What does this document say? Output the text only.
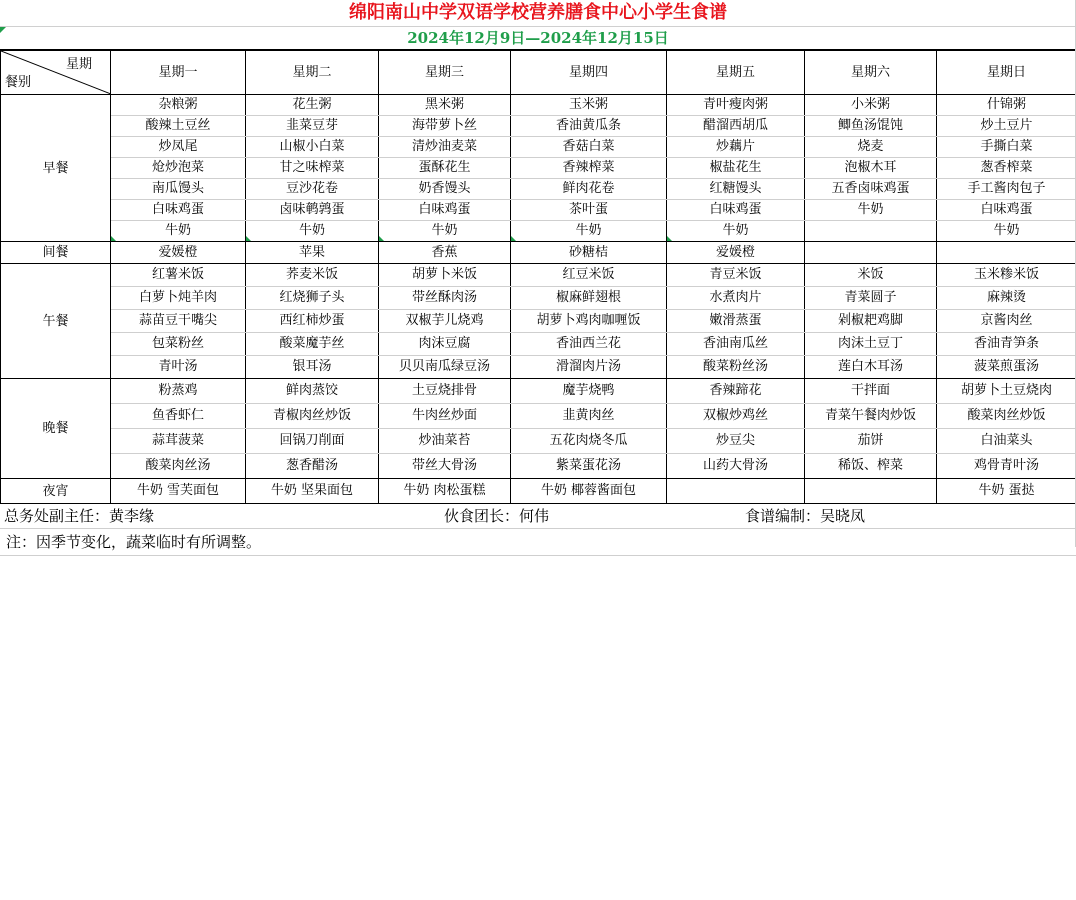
绵阳南山中学双语学校营养膳食中心小学生食谱
2024年12月9日—2024年12月15日
星期
餐别	星期一	星期二	星期三	星期四	星期五	星期六	星期日
早餐	杂粮粥	花生粥	黑米粥	玉米粥	青叶瘦肉粥	小米粥	什锦粥
	酸辣土豆丝	韭菜豆芽	海带萝卜丝	香油黄瓜条	醋溜西胡瓜	鲫鱼汤馄饨	炒土豆片
	炒凤尾	山椒小白菜	清炒油麦菜	香菇白菜	炒藕片	烧麦	手撕白菜
	炝炒泡菜	甘之味榨菜	蛋酥花生	香辣榨菜	椒盐花生	泡椒木耳	葱香榨菜
	南瓜馒头	豆沙花卷	奶香馒头	鲜肉花卷	红糖馒头	五香卤味鸡蛋	手工酱肉包子
	白味鸡蛋	卤味鹌鹑蛋	白味鸡蛋	茶叶蛋	白味鸡蛋	牛奶	白味鸡蛋
	牛奶	牛奶	牛奶	牛奶	牛奶		牛奶
间餐	爱媛橙	苹果	香蕉	砂糖桔	爱媛橙		
午餐	红薯米饭	荞麦米饭	胡萝卜米饭	红豆米饭	青豆米饭	米饭	玉米糁米饭
	白萝卜炖羊肉	红烧狮子头	带丝酥肉汤	椒麻鲜翅根	水煮肉片	青菜圆子	麻辣烫
	蒜苗豆干嘴尖	西红柿炒蛋	双椒芋儿烧鸡	胡萝卜鸡肉咖喱饭	嫩滑蒸蛋	剁椒耙鸡脚	京酱肉丝
	包菜粉丝	酸菜魔芋丝	肉沫豆腐	香油西兰花	香油南瓜丝	肉沫土豆丁	香油青笋条
	青叶汤	银耳汤	贝贝南瓜绿豆汤	滑溜肉片汤	酸菜粉丝汤	莲白木耳汤	菠菜煎蛋汤
晚餐	粉蒸鸡	鲜肉蒸饺	土豆烧排骨	魔芋烧鸭	香辣蹄花	干拌面	胡萝卜土豆烧肉
	鱼香虾仁	青椒肉丝炒饭	牛肉丝炒面	韭黄肉丝	双椒炒鸡丝	青菜午餐肉炒饭	酸菜肉丝炒饭
	蒜茸菠菜	回锅刀削面	炒油菜苔	五花肉烧冬瓜	炒豆尖	茄饼	白油菜头
	酸菜肉丝汤	葱香醋汤	带丝大骨汤	紫菜蛋花汤	山药大骨汤	稀饭、榨菜	鸡骨青叶汤
夜宵	牛奶 雪芙面包	牛奶 坚果面包	牛奶 肉松蛋糕	牛奶 椰蓉酱面包			牛奶 蛋挞
总务处副主任：黄李缘	伙食团长：何伟	食谱编制：吴晓凤
注：因季节变化，蔬菜临时有所调整。
